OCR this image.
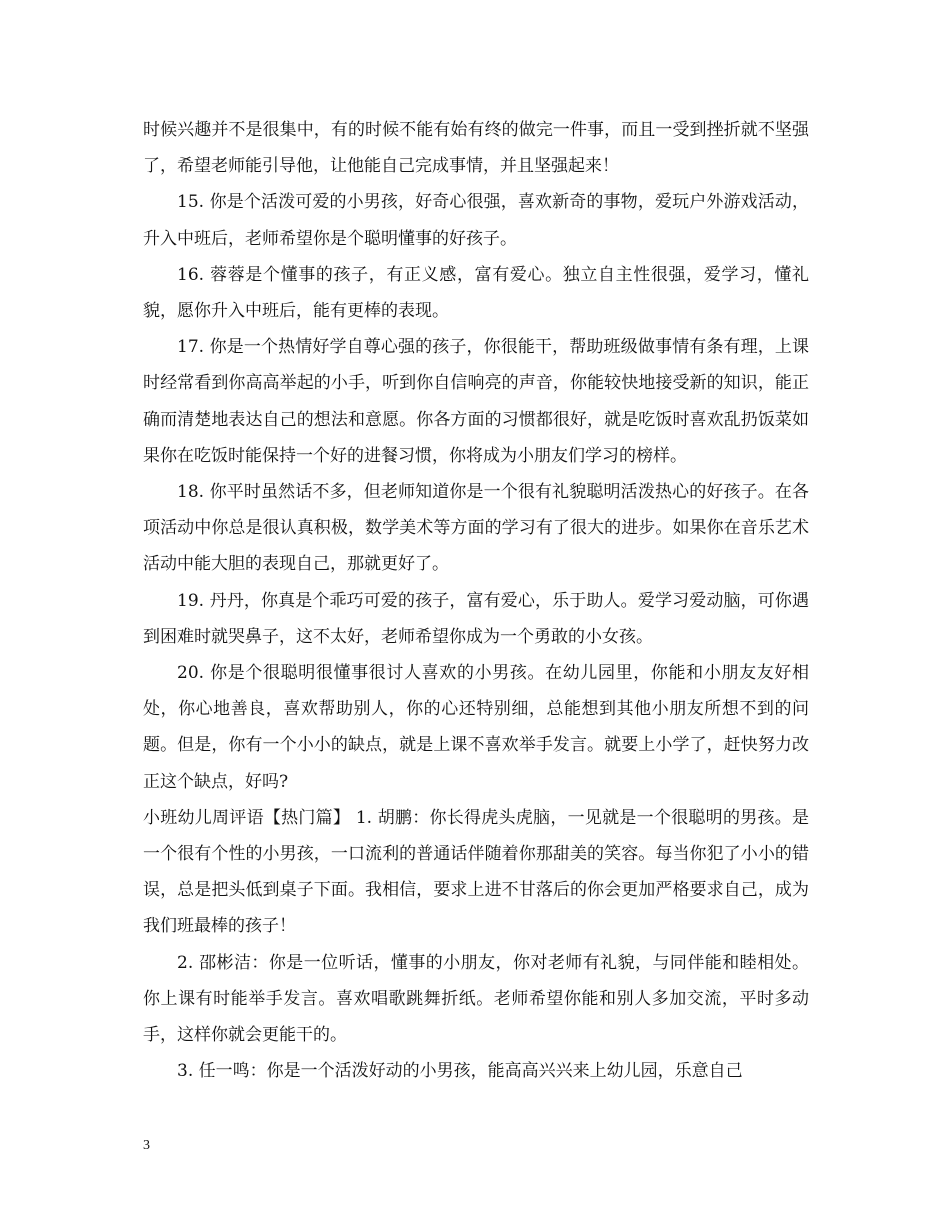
时候兴趣并不是很集中，有的时候不能有始有终的做完一件事，而且一受到挫折就不坚强了，希望老师能引导他，让他能自己完成事情，并且坚强起来！

15. 你是个活泼可爱的小男孩，好奇心很强，喜欢新奇的事物，爱玩户外游戏活动，升入中班后，老师希望你是个聪明懂事的好孩子。

16. 蓉蓉是个懂事的孩子，有正义感，富有爱心。独立自主性很强，爱学习，懂礼貌，愿你升入中班后，能有更棒的表现。

17. 你是一个热情好学自尊心强的孩子，你很能干，帮助班级做事情有条有理，上课时经常看到你高高举起的小手，听到你自信响亮的声音，你能较快地接受新的知识，能正确而清楚地表达自己的想法和意愿。你各方面的习惯都很好，就是吃饭时喜欢乱扔饭菜如果你在吃饭时能保持一个好的进餐习惯，你将成为小朋友们学习的榜样。

18. 你平时虽然话不多，但老师知道你是一个很有礼貌聪明活泼热心的好孩子。在各项活动中你总是很认真积极，数学美术等方面的学习有了很大的进步。如果你在音乐艺术活动中能大胆的表现自己，那就更好了。

19. 丹丹，你真是个乖巧可爱的孩子，富有爱心，乐于助人。爱学习爱动脑，可你遇到困难时就哭鼻子，这不太好，老师希望你成为一个勇敢的小女孩。

20. 你是个很聪明很懂事很讨人喜欢的小男孩。在幼儿园里，你能和小朋友友好相处，你心地善良，喜欢帮助别人，你的心还特别细，总能想到其他小朋友所想不到的问题。但是，你有一个小小的缺点，就是上课不喜欢举手发言。就要上小学了，赶快努力改正这个缺点，好吗?

小班幼儿周评语【热门篇】 1. 胡鹏：你长得虎头虎脑，一见就是一个很聪明的男孩。是一个很有个性的小男孩，一口流利的普通话伴随着你那甜美的笑容。每当你犯了小小的错误，总是把头低到桌子下面。我相信，要求上进不甘落后的你会更加严格要求自己，成为我们班最棒的孩子！

2. 邵彬洁：你是一位听话，懂事的小朋友，你对老师有礼貌，与同伴能和睦相处。你上课有时能举手发言。喜欢唱歌跳舞折纸。老师希望你能和别人多加交流，平时多动手，这样你就会更能干的。

3. 任一鸣：你是一个活泼好动的小男孩，能高高兴兴来上幼儿园，乐意自己

3
